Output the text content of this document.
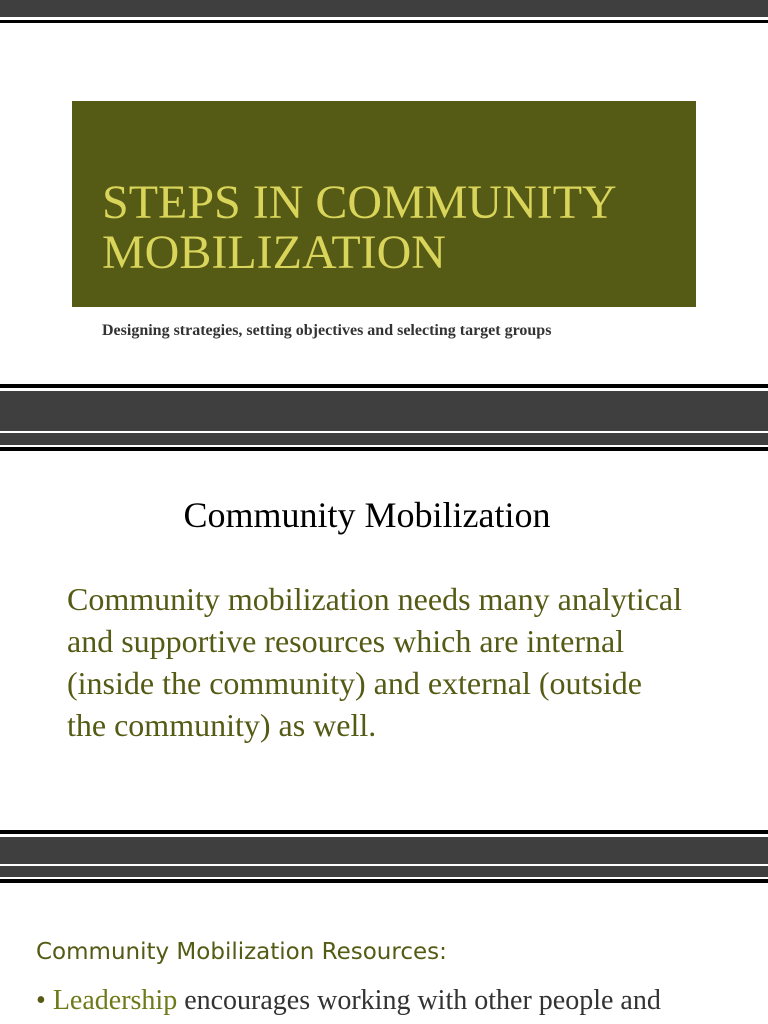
STEPS IN COMMUNITY MOBILIZATION
Designing strategies, setting objectives and selecting target groups
Community Mobilization
Community mobilization needs many analytical and supportive resources which are internal (inside the community) and external (outside the community) as well.
Community Mobilization Resources:
• Leadership encourages working with other people and
